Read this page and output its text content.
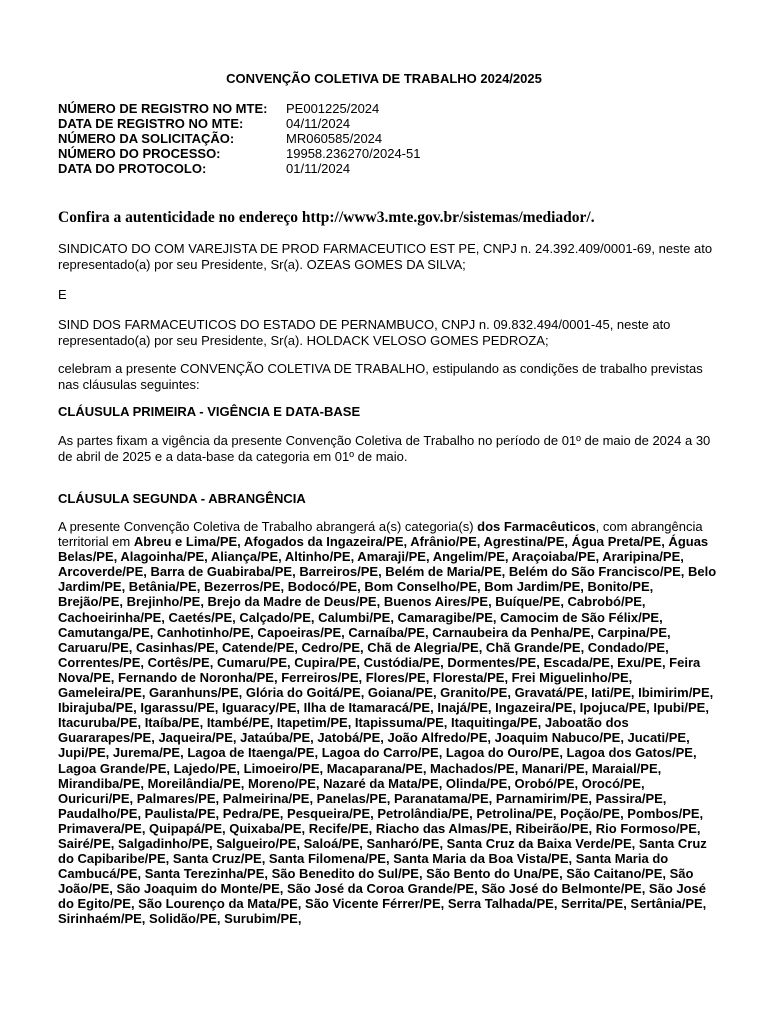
CONVENÇÃO COLETIVA DE TRABALHO 2024/2025
NÚMERO DE REGISTRO NO MTE:	PE001225/2024
DATA DE REGISTRO NO MTE:	04/11/2024
NÚMERO DA SOLICITAÇÃO:	MR060585/2024
NÚMERO DO PROCESSO:	19958.236270/2024-51
DATA DO PROTOCOLO:	01/11/2024
Confira a autenticidade no endereço http://www3.mte.gov.br/sistemas/mediador/.
SINDICATO DO COM VAREJISTA DE PROD FARMACEUTICO EST PE, CNPJ n. 24.392.409/0001-69, neste ato representado(a) por seu Presidente, Sr(a). OZEAS GOMES DA SILVA;
E
SIND DOS FARMACEUTICOS DO ESTADO DE PERNAMBUCO, CNPJ n. 09.832.494/0001-45, neste ato representado(a) por seu Presidente, Sr(a). HOLDACK VELOSO GOMES PEDROZA;
celebram a presente CONVENÇÃO COLETIVA DE TRABALHO, estipulando as condições de trabalho previstas nas cláusulas seguintes:
CLÁUSULA PRIMEIRA - VIGÊNCIA E DATA-BASE
As partes fixam a vigência da presente Convenção Coletiva de Trabalho no período de 01º de maio de 2024 a 30 de abril de 2025 e a data-base da categoria em 01º de maio.
CLÁUSULA SEGUNDA - ABRANGÊNCIA
A presente Convenção Coletiva de Trabalho abrangerá a(s) categoria(s) dos Farmacêuticos, com abrangência territorial em Abreu e Lima/PE, Afogados da Ingazeira/PE, Afrânio/PE, Agrestina/PE, Água Preta/PE, Águas Belas/PE, Alagoinha/PE, Aliança/PE, Altinho/PE, Amaraji/PE, Angelim/PE, Araçoiaba/PE, Araripina/PE, Arcoverde/PE, Barra de Guabiraba/PE, Barreiros/PE, Belém de Maria/PE, Belém do São Francisco/PE, Belo Jardim/PE, Betânia/PE, Bezerros/PE, Bodocó/PE, Bom Conselho/PE, Bom Jardim/PE, Bonito/PE, Brejão/PE, Brejinho/PE, Brejo da Madre de Deus/PE, Buenos Aires/PE, Buíque/PE, Cabrobó/PE, Cachoeirinha/PE, Caetés/PE, Calçado/PE, Calumbi/PE, Camaragibe/PE, Camocim de São Félix/PE, Camutanga/PE, Canhotinho/PE, Capoeiras/PE, Carnaíba/PE, Carnaubeira da Penha/PE, Carpina/PE, Caruaru/PE, Casinhas/PE, Catende/PE, Cedro/PE, Chã de Alegria/PE, Chã Grande/PE, Condado/PE, Correntes/PE, Cortês/PE, Cumaru/PE, Cupira/PE, Custódia/PE, Dormentes/PE, Escada/PE, Exu/PE, Feira Nova/PE, Fernando de Noronha/PE, Ferreiros/PE, Flores/PE, Floresta/PE, Frei Miguelinho/PE, Gameleira/PE, Garanhuns/PE, Glória do Goitá/PE, Goiana/PE, Granito/PE, Gravatá/PE, Iati/PE, Ibimirim/PE, Ibirajuba/PE, Igarassu/PE, Iguaracy/PE, Ilha de Itamaracá/PE, Inajá/PE, Ingazeira/PE, Ipojuca/PE, Ipubi/PE, Itacuruba/PE, Itaíba/PE, Itambé/PE, Itapetim/PE, Itapissuma/PE, Itaquitinga/PE, Jaboatão dos Guararapes/PE, Jaqueira/PE, Jataúba/PE, Jatobá/PE, João Alfredo/PE, Joaquim Nabuco/PE, Jucati/PE, Jupi/PE, Jurema/PE, Lagoa de Itaenga/PE, Lagoa do Carro/PE, Lagoa do Ouro/PE, Lagoa dos Gatos/PE, Lagoa Grande/PE, Lajedo/PE, Limoeiro/PE, Macaparana/PE, Machados/PE, Manari/PE, Maraial/PE, Mirandiba/PE, Moreilândia/PE, Moreno/PE, Nazaré da Mata/PE, Olinda/PE, Orobó/PE, Orocó/PE, Ouricuri/PE, Palmares/PE, Palmeirina/PE, Panelas/PE, Paranatama/PE, Parnamirim/PE, Passira/PE, Paudalho/PE, Paulista/PE, Pedra/PE, Pesqueira/PE, Petrolândia/PE, Petrolina/PE, Poção/PE, Pombos/PE, Primavera/PE, Quipapá/PE, Quixaba/PE, Recife/PE, Riacho das Almas/PE, Ribeirão/PE, Rio Formoso/PE, Sairé/PE, Salgadinho/PE, Salgueiro/PE, Saloá/PE, Sanharó/PE, Santa Cruz da Baixa Verde/PE, Santa Cruz do Capibaribe/PE, Santa Cruz/PE, Santa Filomena/PE, Santa Maria da Boa Vista/PE, Santa Maria do Cambucá/PE, Santa Terezinha/PE, São Benedito do Sul/PE, São Bento do Una/PE, São Caitano/PE, São João/PE, São Joaquim do Monte/PE, São José da Coroa Grande/PE, São José do Belmonte/PE, São José do Egito/PE, São Lourenço da Mata/PE, São Vicente Férrer/PE, Serra Talhada/PE, Serrita/PE, Sertânia/PE, Sirinhaém/PE, Solidão/PE, Surubim/PE,
